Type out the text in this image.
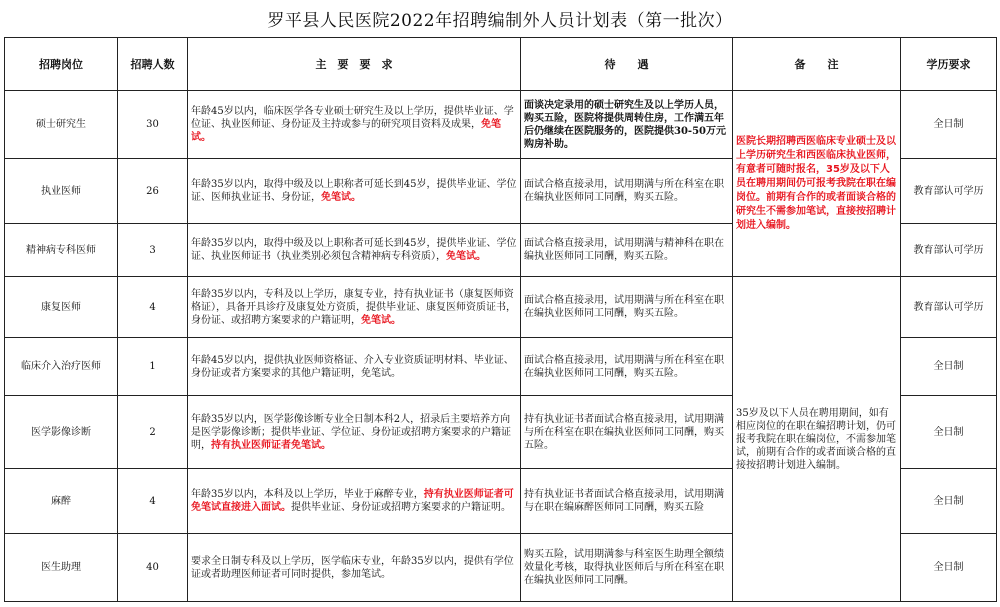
罗平县人民医院2022年招聘编制外人员计划表（第一批次）
招聘岗位	招聘人数	主　要　要　求	待　　遇	备　　注	学历要求
硕士研究生	30	年龄45岁以内，临床医学各专业硕士研究生及以上学历，提供毕业证、学位证、执业医师证、身份证及主持或参与的研究项目资料及成果，免笔试。	面谈决定录用的硕士研究生及以上学历人员，购买五险，医院将提供周转住房，工作满五年后仍继续在医院服务的，医院提供30-50万元购房补助。	医院长期招聘西医临床专业硕士及以上学历研究生和西医临床执业医师，有意者可随时报名，35岁及以下人员在聘用期间仍可报考我院在职在编岗位。前期有合作的或者面谈合格的研究生不需参加笔试，直接按招聘计划进入编制。	全日制
执业医师	26	年龄35岁以内，取得中级及以上职称者可延长到45岁，提供毕业证、学位证、医师执业证书、身份证，免笔试。	面试合格直接录用，试用期满与所在科室在职在编执业医师同工同酬，购买五险。		教育部认可学历
精神病专科医师	3	年龄35岁以内，取得中级及以上职称者可延长到45岁，提供毕业证、学位证、执业医师证书（执业类别必须包含精神病专科资质），免笔试。	面试合格直接录用，试用期满与精神科在职在编执业医师同工同酬，购买五险。		教育部认可学历
康复医师	4	年龄35岁以内，专科及以上学历，康复专业，持有执业证书（康复医师资格证），具备开具诊疗及康复处方资质，提供毕业证、康复医师资质证书，身份证、或招聘方案要求的户籍证明，免笔试。	面试合格直接录用，试用期满与所在科室在职在编执业医师同工同酬，购买五险。	35岁及以下人员在聘用期间，如有相应岗位的在职在编招聘计划，仍可报考我院在职在编岗位，不需参加笔试，前期有合作的或者面谈合格的直接按招聘计划进入编制。	教育部认可学历
临床介入治疗医师	1	年龄45岁以内，提供执业医师资格证、介入专业资质证明材料、毕业证、身份证或者方案要求的其他户籍证明，免笔试。	面试合格直接录用，试用期满与所在科室在职在编执业医师同工同酬，购买五险。		全日制
医学影像诊断	2	年龄35岁以内，医学影像诊断专业全日制本科2人，招录后主要培养方向是医学影像诊断；提供毕业证、学位证、身份证或招聘方案要求的户籍证明，持有执业医师证者免笔试。	持有执业证书者面试合格直接录用，试用期满与所在科室在职在编执业医师同工同酬，购买五险。		全日制
麻醉	4	年龄35岁以内，本科及以上学历，毕业于麻醉专业，持有执业医师证者可免笔试直接进入面试。提供毕业证、身份证或招聘方案要求的户籍证明。	持有执业证书者面试合格直接录用，试用期满与在职在编麻醉医师同工同酬，购买五险		全日制
医生助理	40	要求全日制专科及以上学历，医学临床专业，年龄35岁以内，提供有学位证或者助理医师证者可同时提供，参加笔试。	购买五险，试用期满参与科室医生助理全额绩效量化考核，取得执业医师后与所在科室在职在编执业医师同工同酬。		全日制
